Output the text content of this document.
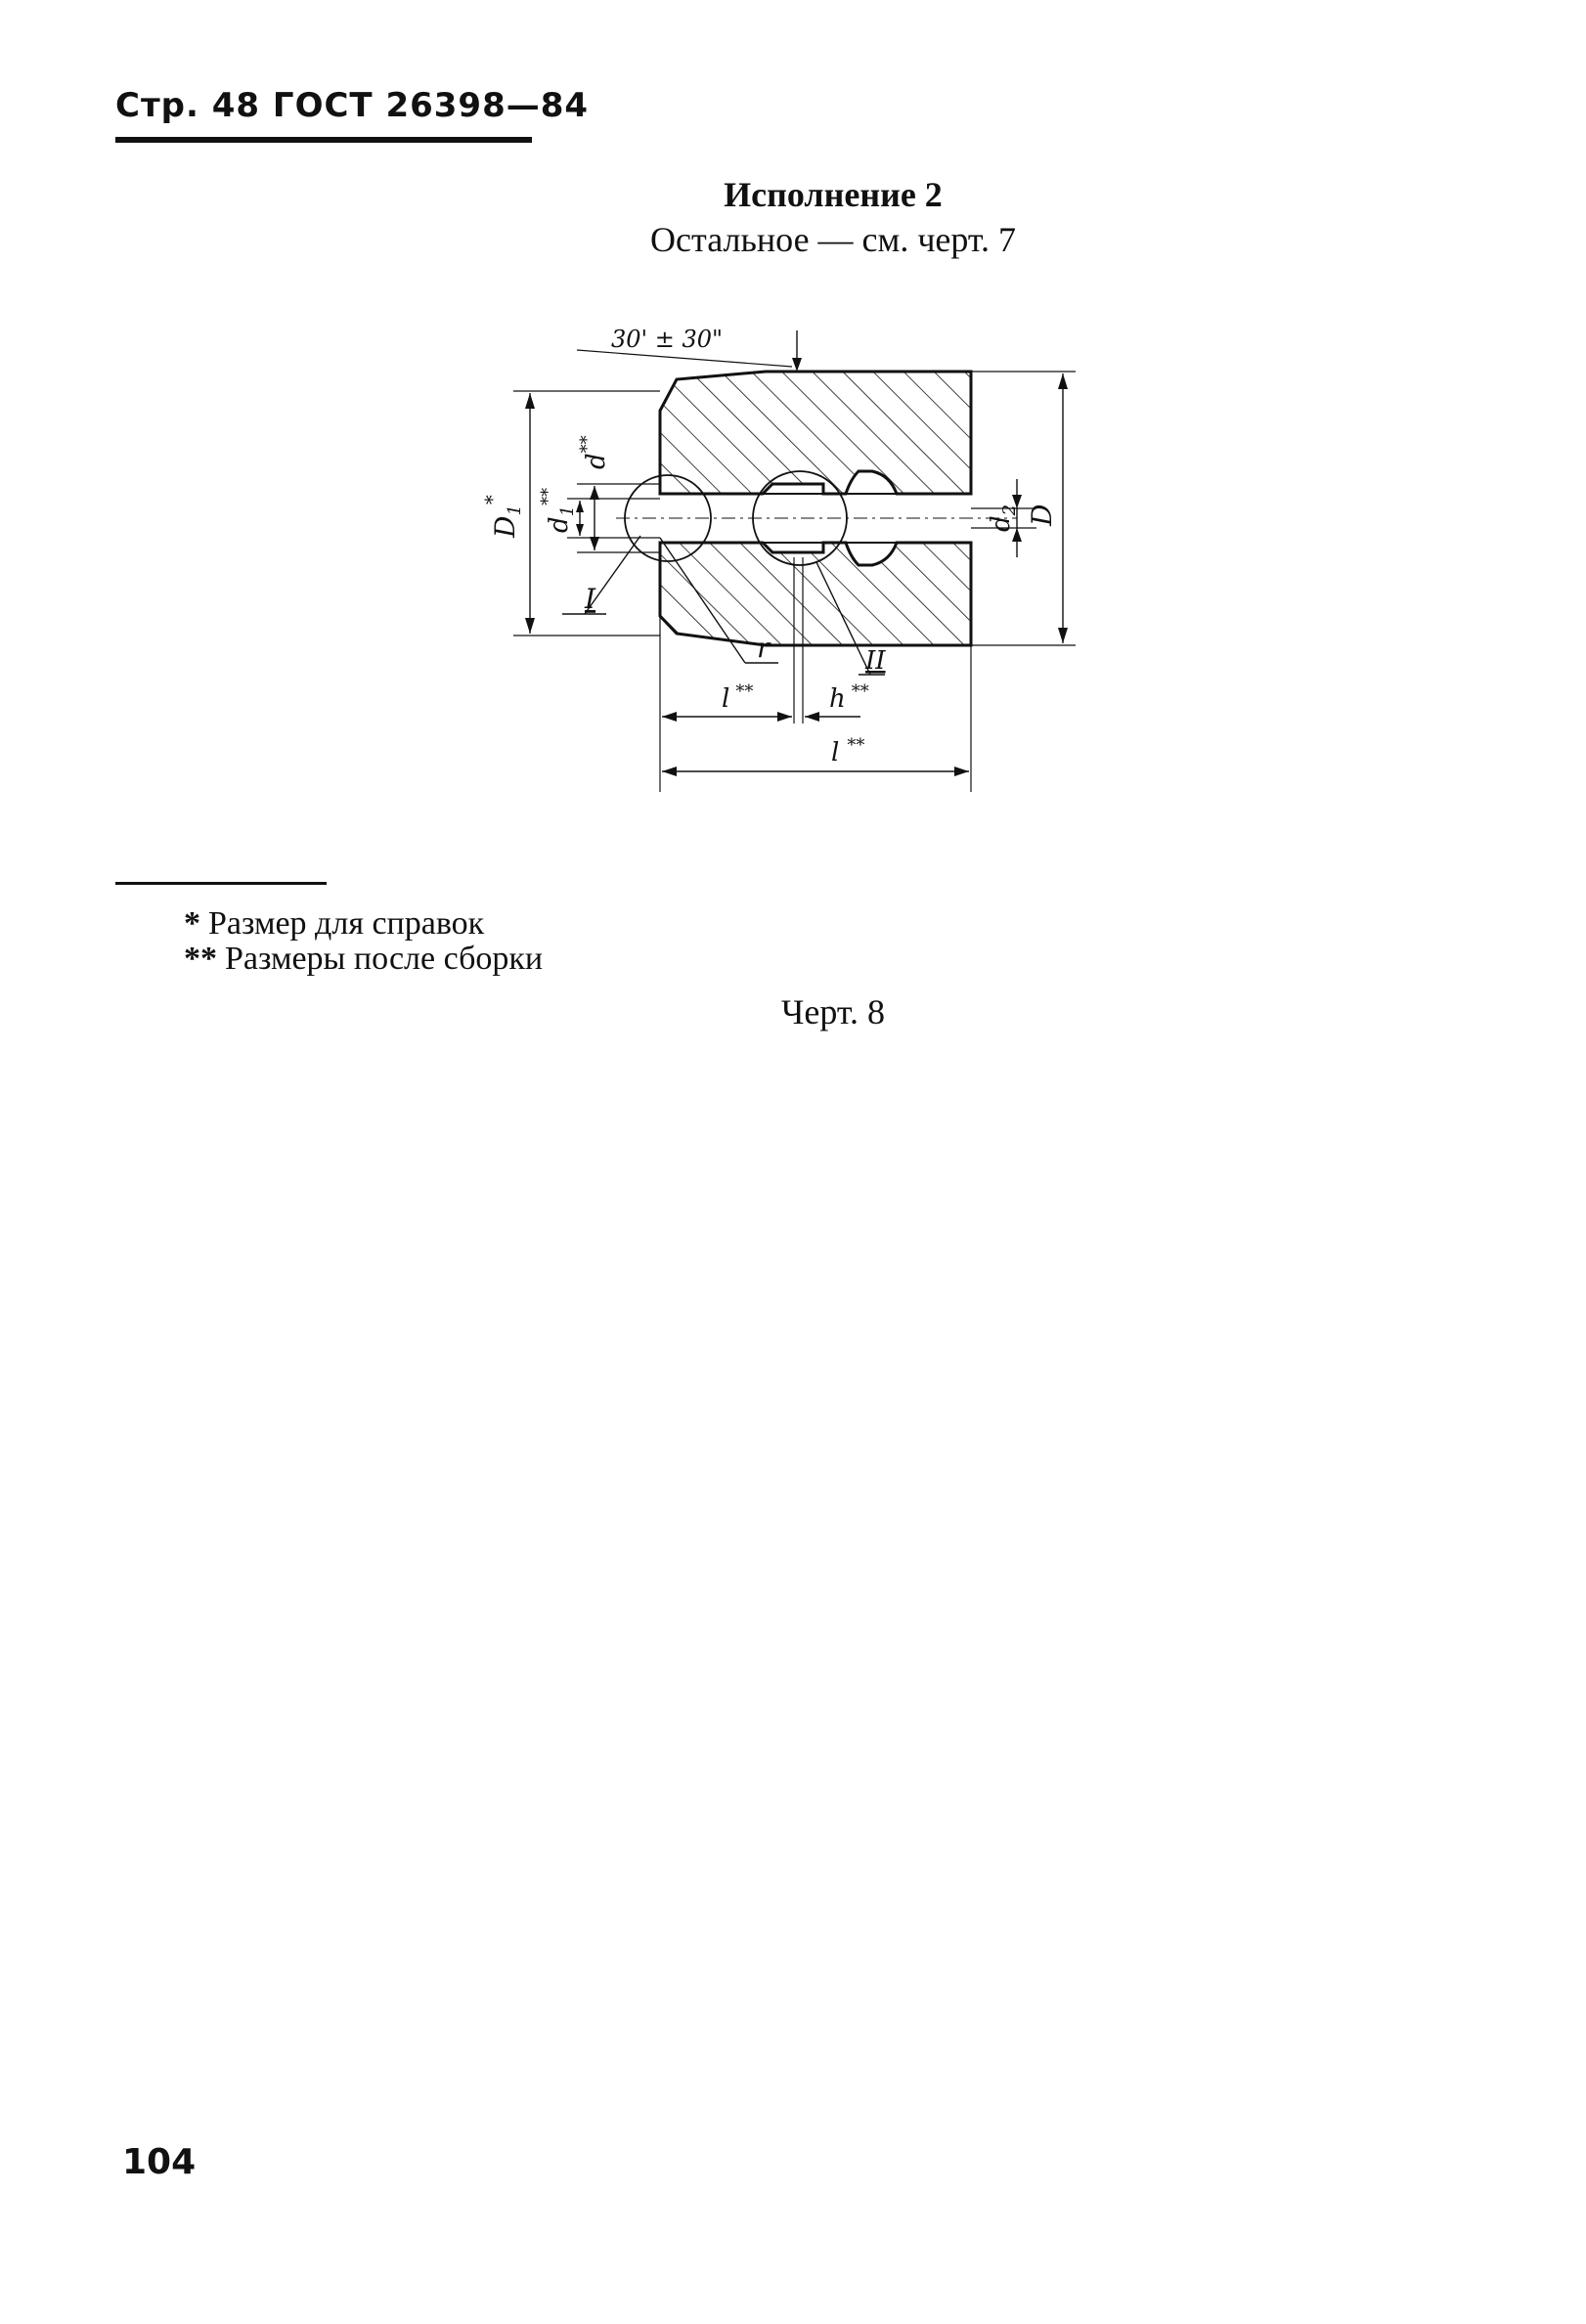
Стр. 48 ГОСТ 26398—84
Исполнение 2
Остальное — см. черт. 7
30' ± 30"
$D_1^*$
$d_1^{**}$
d**
$d_2$ D
I
r	II
l **	h **
l **
* Размер для справок
** Размеры после сборки
Черт. 8
104
